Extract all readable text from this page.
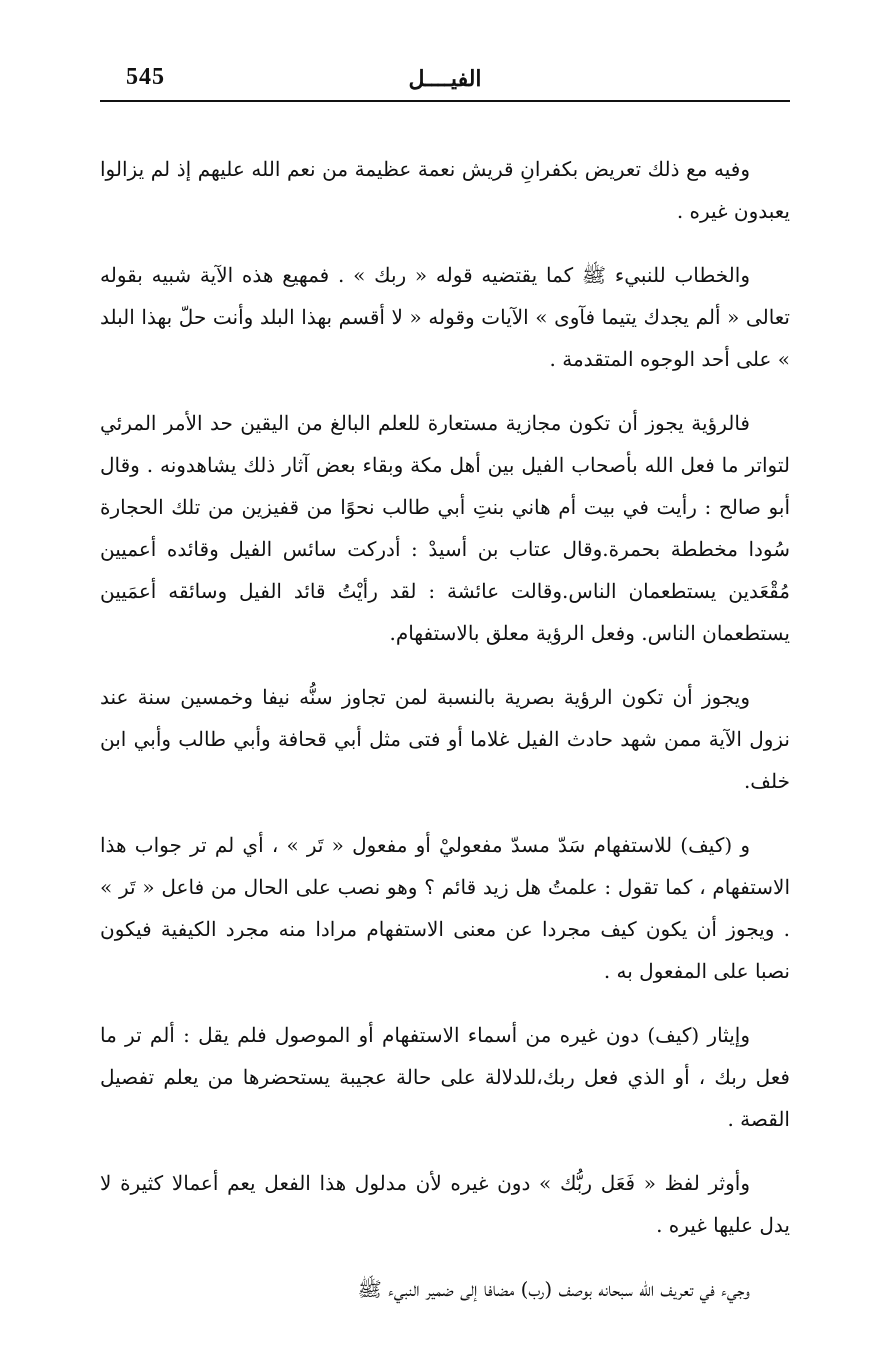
545	الفيــــل

وفيه مع ذلك تعريض بكفرانِ قريش نعمة عظيمة من نعم الله عليهم إذ لم يزالوا يعبدون غيره .

والخطاب للنبيء ﷺ كما يقتضيه قوله « ربك » . فمهيع هذه الآية شبيه بقوله تعالى « ألم يجدك يتيما فآوى » الآيات وقوله « لا أقسم بهذا البلد وأنت حلّ بهذا البلد » على أحد الوجوه المتقدمة .

فالرؤية يجوز أن تكون مجازية مستعارة للعلم البالغ من اليقين حد الأمر المرئي لتواتر ما فعل الله بأصحاب الفيل بين أهل مكة وبقاء بعض آثار ذلك يشاهدونه . وقال أبو صالح : رأيت في بيت أم هاني بنتِ أبي طالب نحوًا من قفيزين من تلك الحجارة سُودا مخططة بحمرة.وقال عتاب بن أسيدْ : أدركت سائس الفيل وقائده أعميين مُقْعَدين يستطعمان الناس.وقالت عائشة : لقد رأيْتُ قائد الفيل وسائقه أعمَيين يستطعمان الناس. وفعل الرؤية معلق بالاستفهام.

ويجوز أن تكون الرؤية بصرية بالنسبة لمن تجاوز سنُّه نيفا وخمسين سنة عند نزول الآية ممن شهد حادث الفيل غلاما أو فتى مثل أبي قحافة وأبي طالب وأبي ابن خلف.

و (كيف) للاستفهام سَدّ مسدّ مفعوليْ أو مفعول « تَر » ، أي لم تر جواب هذا الاستفهام ، كما تقول : علمتُ هل زيد قائم ؟ وهو نصب على الحال من فاعل « تَر » . ويجوز أن يكون كيف مجردا عن معنى الاستفهام مرادا منه مجرد الكيفية فيكون نصبا على المفعول به .

وإيثار (كيف) دون غيره من أسماء الاستفهام أو الموصول فلم يقل : ألم تر ما فعل ربك ، أو الذي فعل ربك،للدلالة على حالة عجيبة يستحضرها من يعلم تفصيل القصة .

وأوثر لفظ « فَعَل ربُّك » دون غيره لأن مدلول هذا الفعل يعم أعمالا كثيرة لا يدل عليها غيره .

وجيء في تعريف الله سبحانه بوصف (رب) مضافا إلى ضمير النبيء ﷺ
